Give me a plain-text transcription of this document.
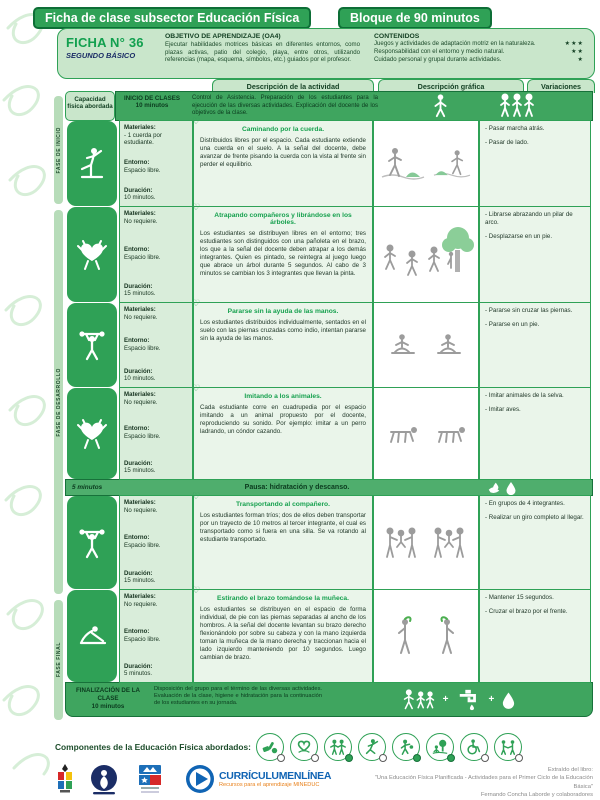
Ficha de clase subsector Educación Física	Bloque de 90 minutos
FICHA N° 36
SEGUNDO BÁSICO
OBJETIVO DE APRENDIZAJE (OA4)
Ejecutar habilidades motrices básicas en diferentes entornos, como plazas activas, patio del colegio, playa, entre otros, utilizando referencias (mapa, esquema, símbolos, etc.) guiados por el profesor.
CONTENIDOS
Juegos y actividades de adaptación motriz en la naturaleza.	★★★
Responsabilidad con el entorno y medio natural.	★★
Cuidado personal y grupal durante actividades.	★
Descripción de la actividad	Descripción gráfica	Variaciones
FASE DE INICIO
FASE DE DESARROLLO
FASE FINAL
Capacidad física abordada
INICIO DE CLASES
10 minutos
Control de Asistencia. Preparación de los estudiantes para la ejecución de las diversas actividades. Explicación del docente de los objetivos de la clase.
Materiales:
- 1 cuerda por estudiante.
Entorno:
Espacio libre.
Duración:
10 minutos.
♡
Caminando por la cuerda.
Distribuidos libres por el espacio. Cada estudiante extiende una cuerda en el suelo. A la señal del docente, debe avanzar de frente pisando la cuerda con la vista al frente sin perder el equilibrio.
- Pasar marcha atrás.
- Pasar de lado.
Materiales:
No requiere.
Entorno:
Espacio libre.
Duración:
15 minutos.
♡
Atrapando compañeros y librándose en los árboles.
Los estudiantes se distribuyen libres en el entorno; tres estudiantes son distinguidos con una pañoleta en el brazo, los que a la señal del docente deben atrapar a los demás integrantes. Quien es pintado, se reintegra al juego luego que abrace un árbol durante 5 segundos. Al cabo de 3 minutos se cambian los 3 integrantes que llevan la pinta.
- Librarse abrazando un pilar de arco.
- Desplazarse en un pie.
Materiales:
No requiere.
Entorno:
Espacio libre.
Duración:
10 minutos.
♡
Pararse sin la ayuda de las manos.
Los estudiantes distribuidos individualmente, sentados en el suelo con las piernas cruzadas como indio, intentan pararse sin la ayuda de las manos.
- Pararse sin cruzar las piernas.
- Pararse en un pie.
Materiales:
No requiere.
Entorno:
Espacio libre.
Duración:
15 minutos.
♡
Imitando a los animales.
Cada estudiante corre en cuadrupedia por el espacio imitando a un animal propuesto por el docente, reproduciendo su sonido. Por ejemplo: imitar a un perro ladrando, un cóndor cazando.
- Imitar animales de la selva.
- Imitar aves.
5 minutos	Pausa: hidratación y descanso.
Materiales:
No requiere.
Entorno:
Espacio libre.
Duración:
15 minutos.
♡
Transportando al compañero.
Los estudiantes forman tríos; dos de ellos deben transportar por un trayecto de 10 metros al tercer integrante, el cual es transportado como si fuera en una silla. Se va rotando al estudiante transportado.
- En grupos de 4 integrantes.
- Realizar un giro completo al llegar.
Materiales:
No requiere.
Entorno:
Espacio libre.
Duración:
5 minutos.
♡
Estirando el brazo tomándose la muñeca.
Los estudiantes se distribuyen en el espacio de forma individual, de pie con las piernas separadas al ancho de los hombros. A la señal del docente levantan su brazo derecho flexionándolo por sobre su cabeza y con la mano izquierda toman la muñeca de la mano derecha y traccionan hacia el lado izquierdo manteniendo por 10 segundos. Luego cambian de brazo.
- Mantener 15 segundos.
- Cruzar el brazo por el frente.
FINALIZACIÓN DE LA CLASE
10 minutos
Disposición del grupo para el término de las diversas actividades. Evaluación de la clase, higiene e hidratación para la continuación de los estudiantes en su jornada.	+	+
Componentes de la Educación Física abordados:
CURRÍCULUMENLÍNEA
Recursos para el aprendizaje MINEDUC
Extraído del libro:
"Una Educación Física Planificada - Actividades para el Primer Ciclo de la Educación Básica"
Fernando Concha Laborde y colaboradores
